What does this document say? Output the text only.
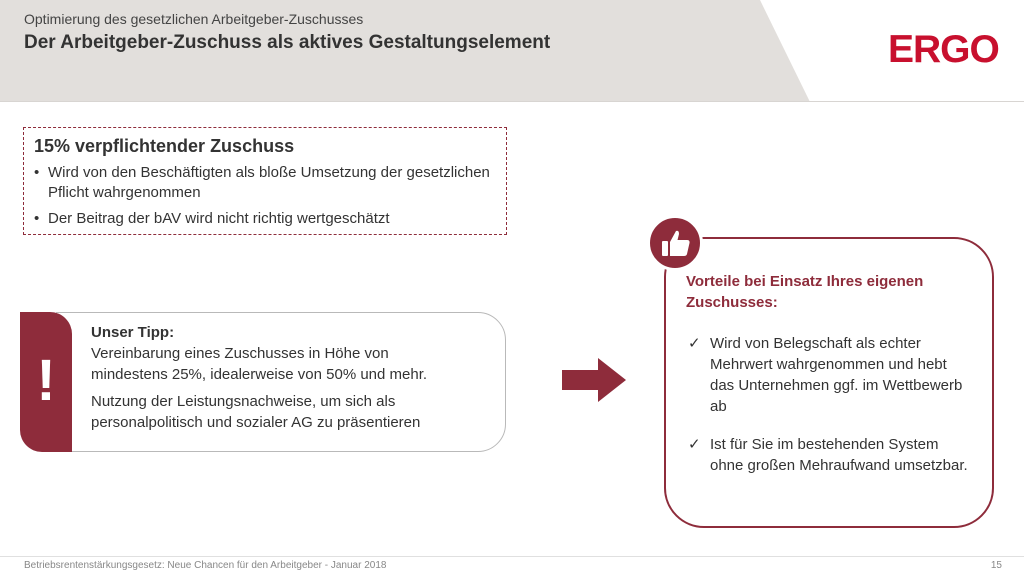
Optimierung des gesetzlichen Arbeitgeber-Zuschusses
Der Arbeitgeber-Zuschuss als aktives Gestaltungselement	ERGO
15% verpflichtender Zuschuss
• Wird von den Beschäftigten als bloße Umsetzung der gesetzlichen Pflicht wahrgenommen
• Der Beitrag der bAV wird nicht richtig wertgeschätzt
Unser Tipp:
Vereinbarung eines Zuschusses in Höhe von
mindestens 25%, idealerweise von 50% und mehr.
Nutzung der Leistungsnachweise, um sich als
personalpolitisch und sozialer AG zu präsentieren
!
Vorteile bei Einsatz Ihres eigenen Zuschusses:
✓ Wird von Belegschaft als echter Mehrwert wahrgenommen und hebt das Unternehmen ggf. im Wettbewerb ab
✓ Ist für Sie im bestehenden System ohne großen Mehraufwand umsetzbar.
Betriebsrentenstärkungsgesetz: Neue Chancen für den Arbeitgeber - Januar 2018	15
